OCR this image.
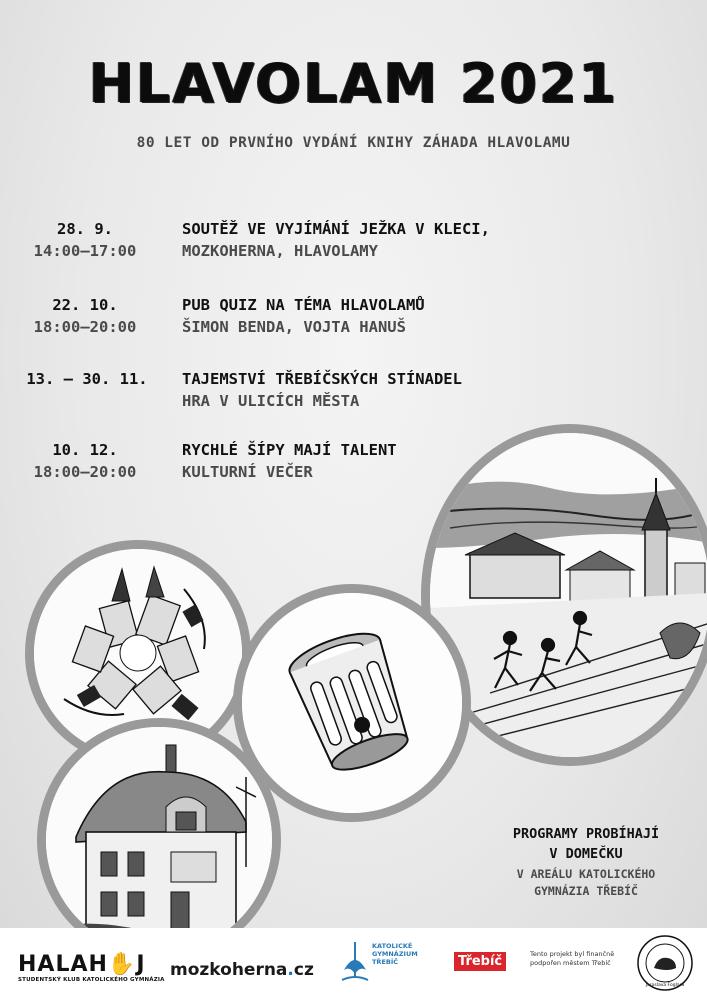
HLAVOLAM 2021
80 LET OD PRVNÍHO VYDÁNÍ KNIHY ZÁHADA HLAVOLAMU
28. 9.
14:00–17:00
SOUTĚŽ VE VYJÍMÁNÍ JEŽKA V KLECI,
MOZKOHERNA, HLAVOLAMY
22. 10.
18:00–20:00
PUB QUIZ NA TÉMA HLAVOLAMŮ
ŠIMON BENDA, VOJTA HANUŠ
13. – 30. 11. TAJEMSTVÍ TŘEBÍČSKÝCH STÍNADEL
HRA V ULICÍCH MĚSTA
10. 12.
18:00–20:00
RYCHLÉ ŠÍPY MAJÍ TALENT
KULTURNÍ VEČER
PROGRAMY PROBÍHAJÍ
V DOMEČKU
V AREÁLU KATOLICKÉHO
GYMNÁZIA TŘEBÍČ
HALAH✋J
STUDENTSKÝ KLUB KATOLICKÉHO GYMNÁZIA mozkoherna.cz
KATOLICKÉ
GYMNÁZIUM
TŘEBÍČ	Třebíč	Tento projekt byl finančně podpořen městem Třebíč
Jaroslava Foglara
